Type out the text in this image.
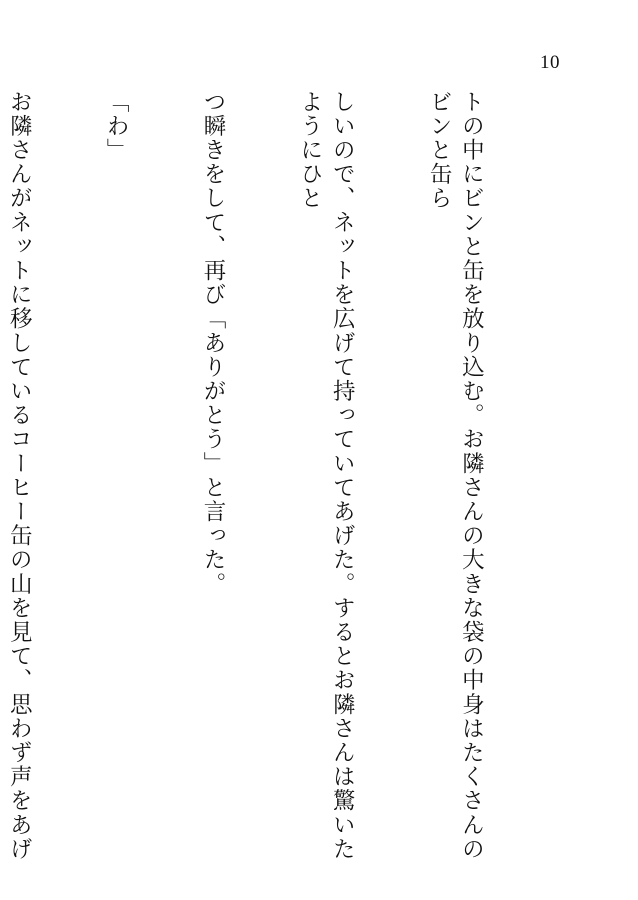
10

トの中にビンと缶を放り込む。お隣さんの大きな袋の中身はたくさんのビンと缶ら

しいので、ネットを広げて持っていてあげた。するとお隣さんは驚いたようにひと

つ瞬きをして、再び「ありがとう」と言った。

「わ」

お隣さんがネットに移しているコーヒー缶の山を見て、思わず声をあげ
